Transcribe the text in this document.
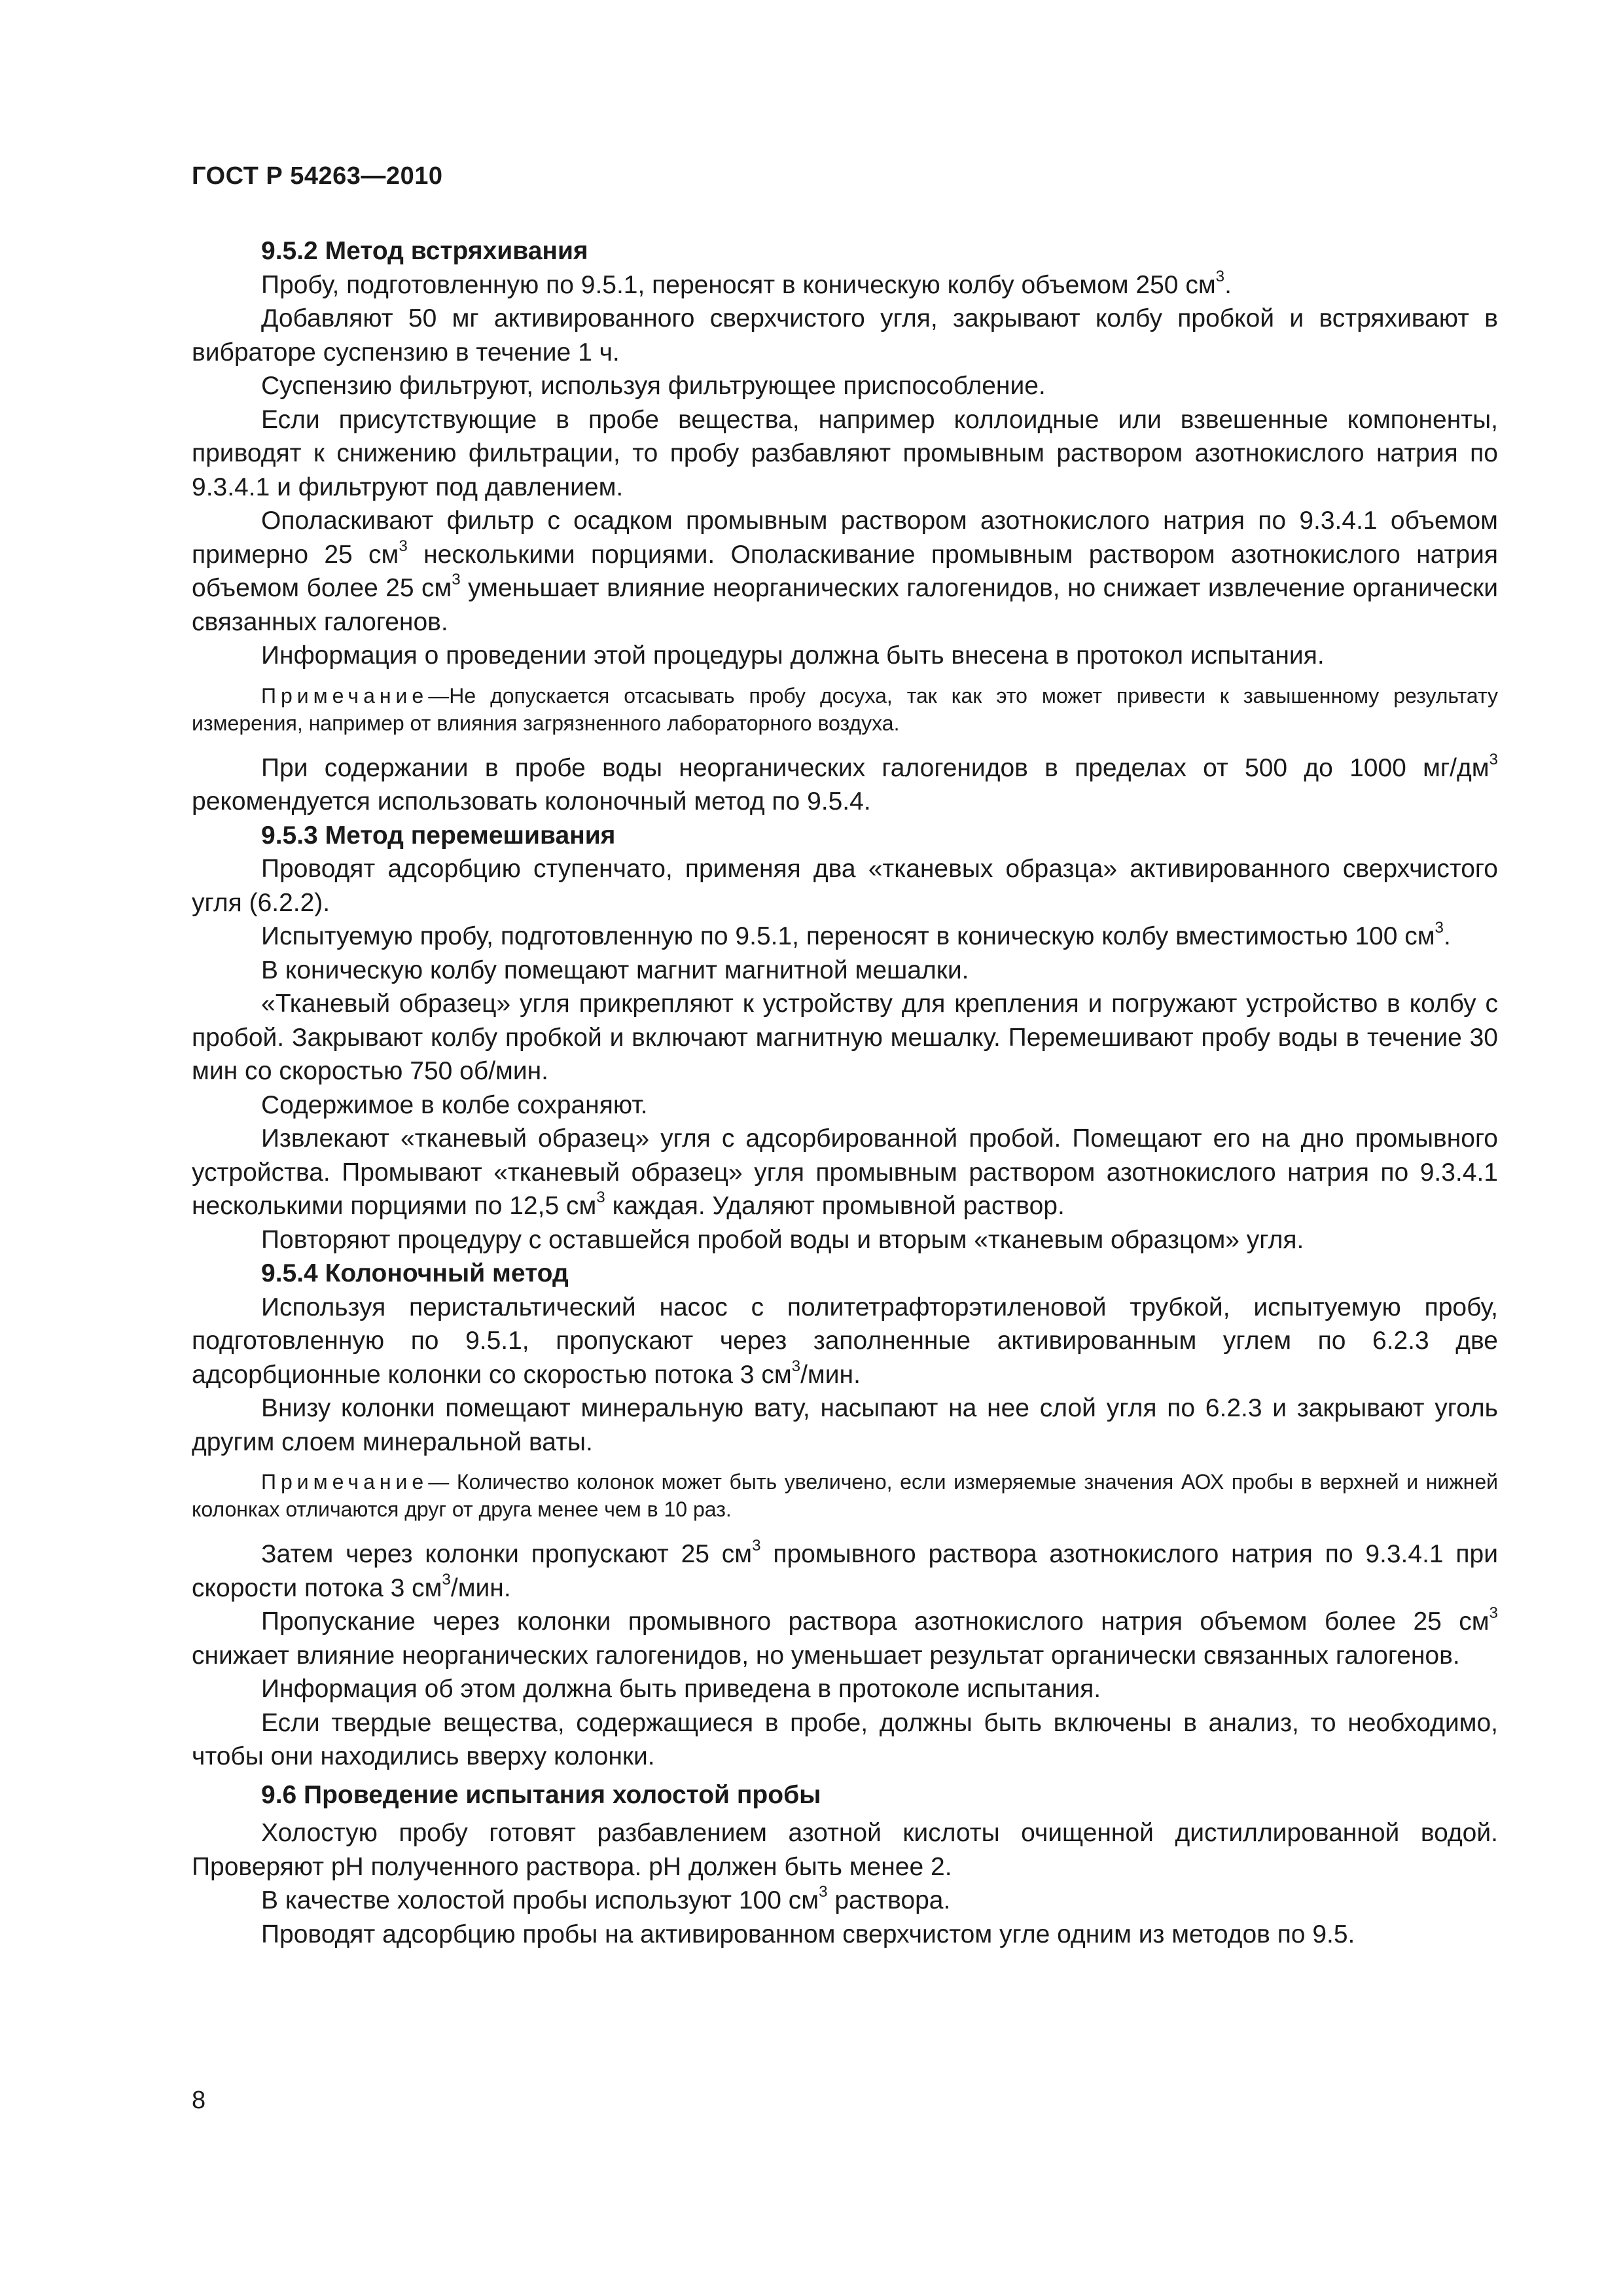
ГОСТ Р 54263—2010

9.5.2 Метод встряхивания

Пробу, подготовленную по 9.5.1, переносят в коническую колбу объемом 250 $см^3$.

Добавляют 50 мг активированного сверхчистого угля, закрывают колбу пробкой и встряхивают в вибраторе суспензию в течение 1 ч.

Суспензию фильтруют, используя фильтрующее приспособление.

Если присутствующие в пробе вещества, например коллоидные или взвешенные компоненты, приводят к снижению фильтрации, то пробу разбавляют промывным раствором азотнокислого натрия по 9.3.4.1 и фильтруют под давлением.

Ополаскивают фильтр с осадком промывным раствором азотнокислого натрия по 9.3.4.1 объемом примерно 25 $см^3$ несколькими порциями. Ополаскивание промывным раствором азотнокислого натрия объемом более 25 $см^3$ уменьшает влияние неорганических галогенидов, но снижает извлечение органически связанных галогенов.

Информация о проведении этой процедуры должна быть внесена в протокол испытания.

Примечание—Не допускается отсасывать пробу досуха, так как это может привести к завышенному результату измерения, например от влияния загрязненного лабораторного воздуха.

При содержании в пробе воды неорганических галогенидов в пределах от 500 до 1000 $мг/дм^3$ рекомендуется использовать колоночный метод по 9.5.4.

9.5.3 Метод перемешивания

Проводят адсорбцию ступенчато, применяя два «тканевых образца» активированного сверхчистого угля (6.2.2).

Испытуемую пробу, подготовленную по 9.5.1, переносят в коническую колбу вместимостью 100 $см^3$.

В коническую колбу помещают магнит магнитной мешалки.

«Тканевый образец» угля прикрепляют к устройству для крепления и погружают устройство в колбу с пробой. Закрывают колбу пробкой и включают магнитную мешалку. Перемешивают пробу воды в течение 30 мин со скоростью 750 об/мин.

Содержимое в колбе сохраняют.

Извлекают «тканевый образец» угля с адсорбированной пробой. Помещают его на дно промывного устройства. Промывают «тканевый образец» угля промывным раствором азотнокислого натрия по 9.3.4.1 несколькими порциями по 12,5 $см^3$ каждая. Удаляют промывной раствор.

Повторяют процедуру с оставшейся пробой воды и вторым «тканевым образцом» угля.

9.5.4 Колоночный метод

Используя перистальтический насос с политетрафторэтиленовой трубкой, испытуемую пробу, подготовленную по 9.5.1, пропускают через заполненные активированным углем по 6.2.3 две адсорбционные колонки со скоростью потока 3 $см^3$/мин.

Внизу колонки помещают минеральную вату, насыпают на нее слой угля по 6.2.3 и закрывают уголь другим слоем минеральной ваты.

Примечание— Количество колонок может быть увеличено, если измеряемые значения АОХ пробы в верхней и нижней колонках отличаются друг от друга менее чем в 10 раз.

Затем через колонки пропускают 25 $см^3$ промывного раствора азотнокислого натрия по 9.3.4.1 при скорости потока 3 $см^3$/мин.

Пропускание через колонки промывного раствора азотнокислого натрия объемом более 25 $см^3$ снижает влияние неорганических галогенидов, но уменьшает результат органически связанных галогенов.

Информация об этом должна быть приведена в протоколе испытания.

Если твердые вещества, содержащиеся в пробе, должны быть включены в анализ, то необходимо, чтобы они находились вверху колонки.

9.6 Проведение испытания холостой пробы

Холостую пробу готовят разбавлением азотной кислоты очищенной дистиллированной водой. Проверяют pH полученного раствора. pH должен быть менее 2.

В качестве холостой пробы используют 100 $см^3$ раствора.

Проводят адсорбцию пробы на активированном сверхчистом угле одним из методов по 9.5.

8
